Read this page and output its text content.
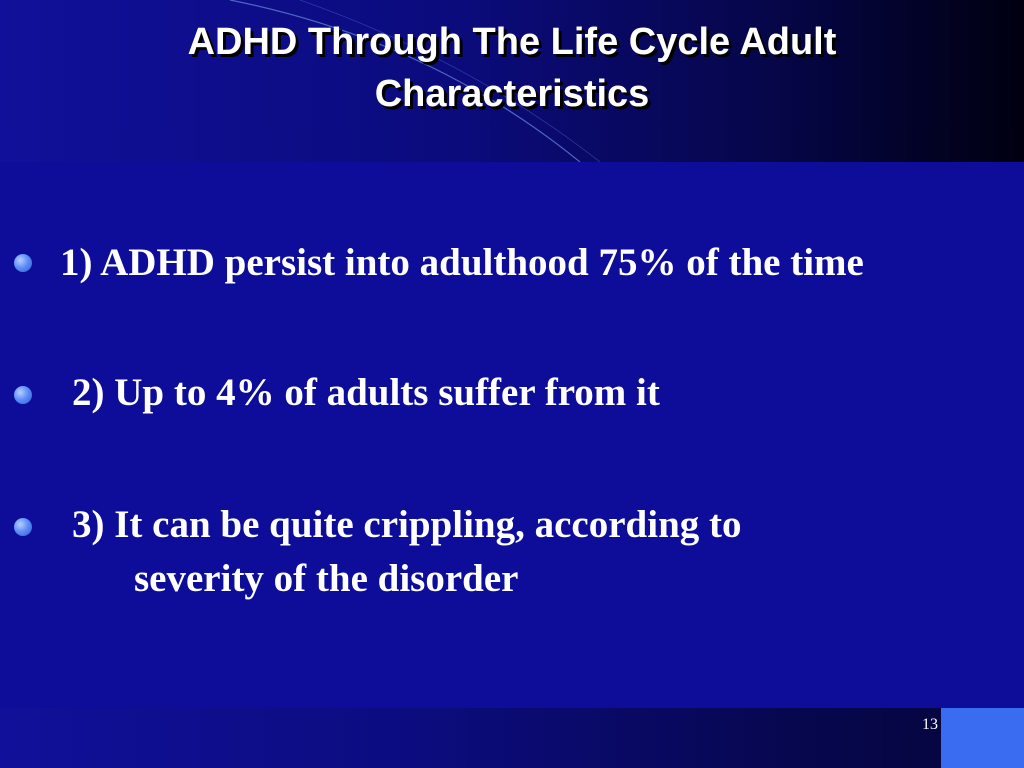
ADHD Through The Life Cycle Adult
Characteristics
1) ADHD persist into adulthood 75% of the time
2) Up to 4% of adults suffer from it
3) It can be quite crippling, according to
severity of the disorder
13
